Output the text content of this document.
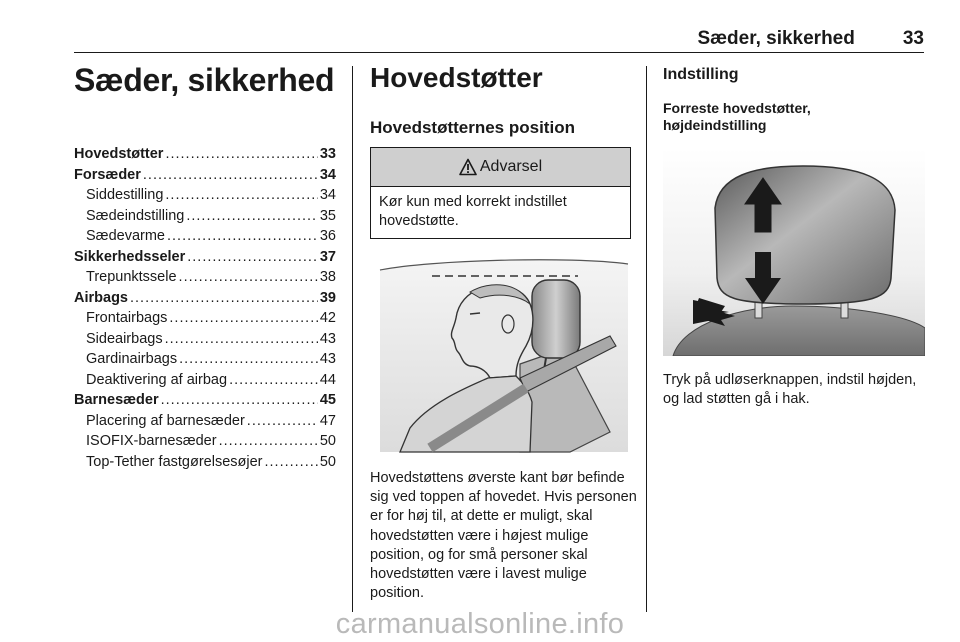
Sæder, sikkerhed	33
Sæder, sikkerhed
Hovedstøtter .....	33
Forsæder .....	34
Siddestilling .....	34
Sædeindstilling .....	35
Sædevarme .....	36
Sikkerhedsseler .....	37
Trepunktssele .....	38
Airbags .....	39
Frontairbags .....	42
Sideairbags .....	43
Gardinairbags .....	43
Deaktivering af airbag .....	44
Barnesæder .....	45
Placering af barnesæder .....	47
ISOFIX-barnesæder .....	50
Top-Tether fastgørelsesøjer .....	50
Hovedstøtter
Hovedstøtternes position
Advarsel
Kør kun med korrekt indstillet hovedstøtte.
Hovedstøttens øverste kant bør befinde sig ved toppen af hovedet. Hvis personen er for høj til, at dette er muligt, skal hovedstøtten være i højest mulige position, og for små personer skal hovedstøtten være i lavest mulige position.
Indstilling
Forreste hovedstøtter, højdeindstilling
Tryk på udløserknappen, indstil højden, og lad støtten gå i hak.
carmanualsonline.info
